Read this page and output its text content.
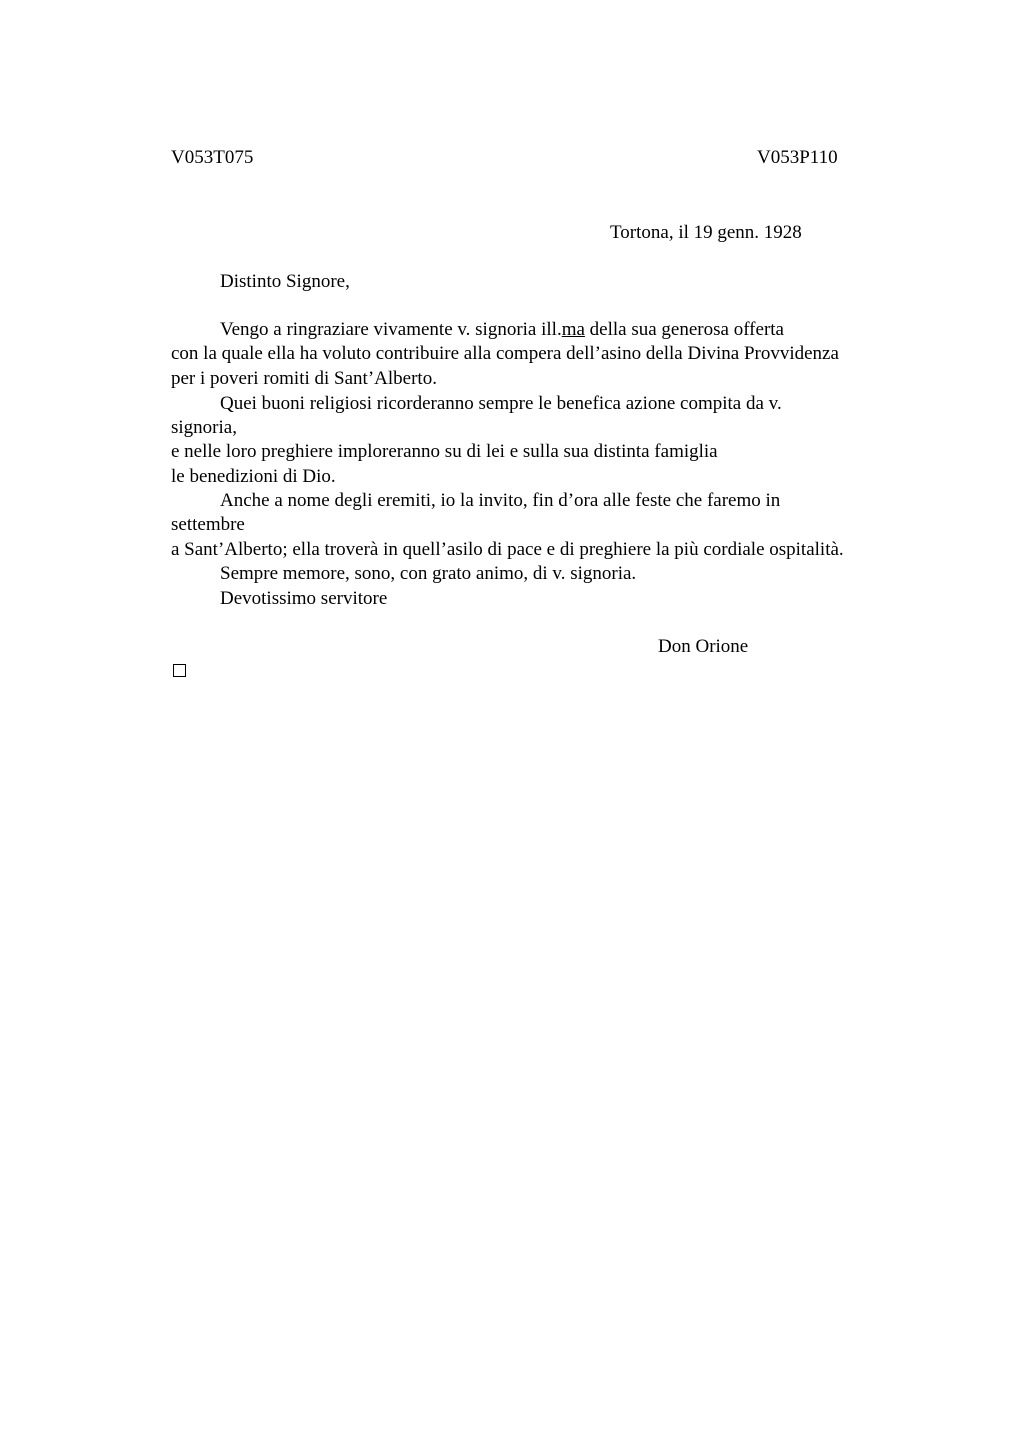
V053T075	V053P110
Tortona, il 19 genn. 1928
Distinto Signore,
Vengo a ringraziare vivamente v. signoria ill.ma della sua generosa offerta
con la quale ella ha voluto contribuire alla compera dell’asino della Divina Provvidenza
per i poveri romiti di Sant’Alberto.
Quei buoni religiosi ricorderanno sempre le benefica azione compita da v.
signoria,
e nelle loro preghiere imploreranno su di lei e sulla sua distinta famiglia
le benedizioni di Dio.
Anche a nome degli eremiti, io la invito, fin d’ora alle feste che faremo in
settembre
a Sant’Alberto; ella troverà in quell’asilo di pace e di preghiere la più cordiale ospitalità.
Sempre memore, sono, con grato animo, di v. signoria.
Devotissimo servitore
Don Orione
